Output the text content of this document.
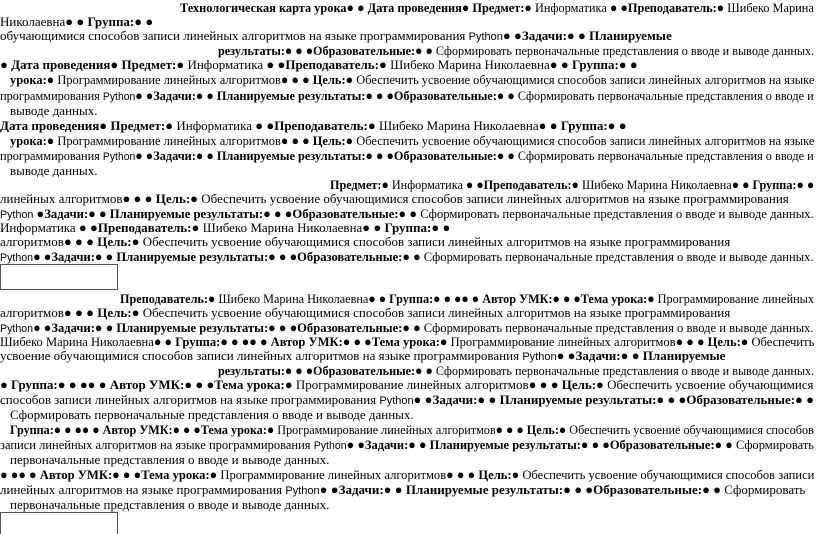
Технологическая карта урока● ● Дата проведения● Предмет:● Информатика ● ●Преподаватель:● Шибеко Марина
Николаевна● ● Группа:● ●
обучающимися способов записи линейных алгоритмов на языке программирования Python● ●Задачи:● ● Планируемые
результаты:● ● ●Образовательные:● ● Сформировать первоначальные представления о вводе и выводе данных.
● Дата проведения● Предмет:● Информатика ● ●Преподаватель:● Шибеко Марина Николаевна● ● Группа:● ●
урока:● Программирование линейных алгоритмов● ● ● Цель:● Обеспечить усвоение обучающимися способов записи линейных алгоритмов на языке
программирования Python● ●Задачи:● ● Планируемые результаты:● ● ●Образовательные:● ● Сформировать первоначальные представления о вводе и
выводе данных.
Дата проведения● Предмет:● Информатика ● ●Преподаватель:● Шибеко Марина Николаевна● ● Группа:● ●
урока:● Программирование линейных алгоритмов● ● ● Цель:● Обеспечить усвоение обучающимися способов записи линейных алгоритмов на языке
программирования Python● ●Задачи:● ● Планируемые результаты:● ● ●Образовательные:● ● Сформировать первоначальные представления о вводе и
выводе данных.
Предмет:● Информатика ● ●Преподаватель:● Шибеко Марина Николаевна● ● Группа:● ●
линейных алгоритмов● ● ● Цель:● Обеспечить усвоение обучающимися способов записи линейных алгоритмов на языке программирования
Python ●Задачи:● ● Планируемые результаты:● ● ●Образовательные:● ● Сформировать первоначальные представления о вводе и выводе данных.
Информатика ● ●Преподаватель:● Шибеко Марина Николаевна● ● Группа:● ●
алгоритмов● ● ● Цель:● Обеспечить усвоение обучающимися способов записи линейных алгоритмов на языке программирования
Python● ●Задачи:● ● Планируемые результаты:● ● ●Образовательные:● ● Сформировать первоначальные представления о вводе и выводе данных.
Преподаватель:● Шибеко Марина Николаевна● ● Группа:● ● ●● ● Автор УМК:● ● ●Тема урока:● Программирование линейных
алгоритмов● ● ● Цель:● Обеспечить усвоение обучающимися способов записи линейных алгоритмов на языке программирования
Python● ●Задачи:● ● Планируемые результаты:● ● ●Образовательные:● ● Сформировать первоначальные представления о вводе и выводе данных.
Шибеко Марина Николаевна● ● Группа:● ● ●● ● Автор УМК:● ● ●Тема урока:● Программирование линейных алгоритмов● ● ● Цель:● Обеспечить
усвоение обучающимися способов записи линейных алгоритмов на языке программирования Python● ●Задачи:● ● Планируемые
результаты:● ● ●Образовательные:● ● Сформировать первоначальные представления о вводе и выводе данных.
● Группа:● ● ●● ● Автор УМК:● ● ●Тема урока:● Программирование линейных алгоритмов● ● ● Цель:● Обеспечить усвоение обучающимися
способов записи линейных алгоритмов на языке программирования Python● ●Задачи:● ● Планируемые результаты:● ● ●Образовательные:● ●
Сформировать первоначальные представления о вводе и выводе данных.
Группа:● ● ●● ● Автор УМК:● ● ●Тема урока:● Программирование линейных алгоритмов● ● ● Цель:● Обеспечить усвоение обучающимися способов
записи линейных алгоритмов на языке программирования Python● ●Задачи:● ● Планируемые результаты:● ● ●Образовательные:● ● Сформировать
первоначальные представления о вводе и выводе данных.
● ●● ● Автор УМК:● ● ●Тема урока:● Программирование линейных алгоритмов● ● ● Цель:● Обеспечить усвоение обучающимися способов записи
линейных алгоритмов на языке программирования Python● ●Задачи:● ● Планируемые результаты:● ● ●Образовательные:● ● Сформировать
первоначальные представления о вводе и выводе данных.
